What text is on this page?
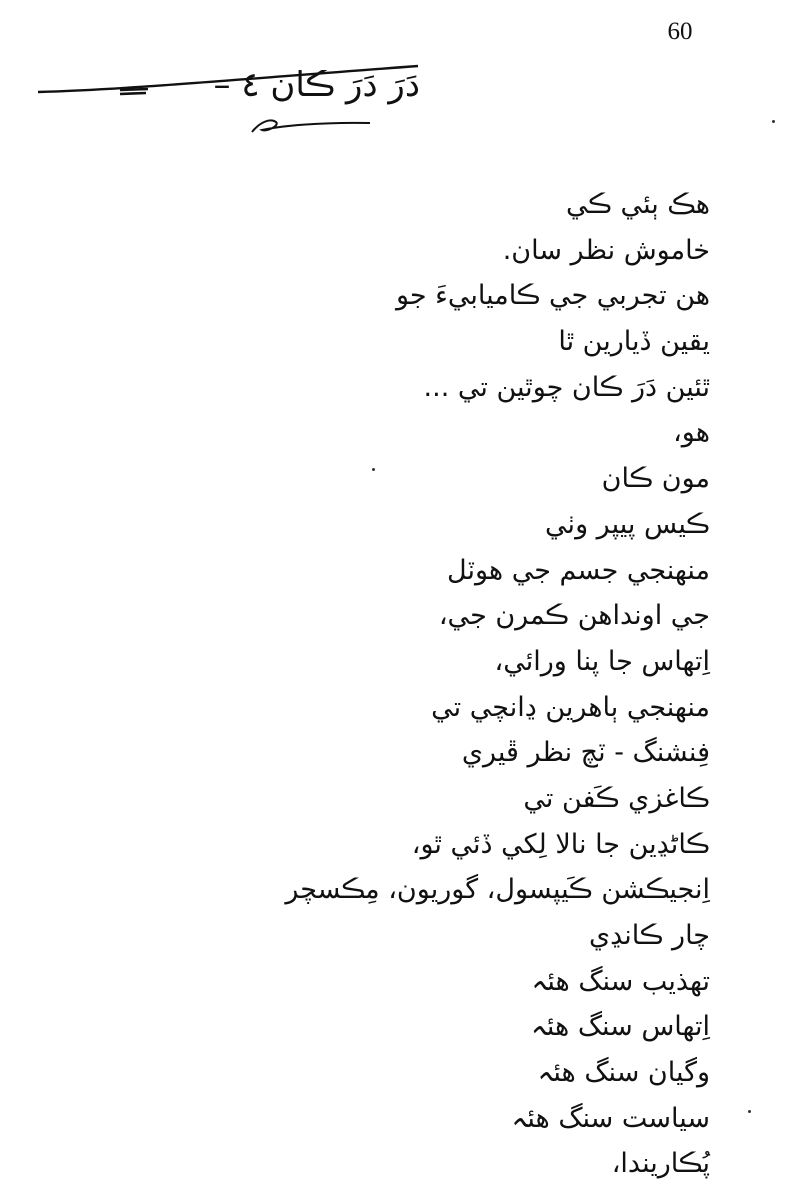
60
دَرَ دَرَ ڪان ٤ –
هڪ ٻئي ڪي
خاموش نظر سان.
هن تجربي جي ڪاميابيءَ جو
يقين ڏيارين ٿا
ٿئين دَرَ ڪان چوٿين تي ...
هو،
مون ڪان
ڪيس پيپر وٺي
منهنجي جسم جي هوٽل
جي اونداهن ڪمرن جي،
اِتهاس جا پنا ورائي،
منهنجي ٻاهرين ڍانچي تي
فِنشنگ - ٽچ نظر ڦيري
ڪاغزي ڪَفن تي
ڪاڻڍين جا نالا لِکي ڏئي ٿو،
اِنجيڪشن ڪَيپسول، گوريون، مِڪسچر
چار ڪانڍي
تهذيب سنگ هئہ
اِتهاس سنگ هئہ
وگيان سنگ هئہ
سياست سنگ هئہ
پُڪاريندا،
